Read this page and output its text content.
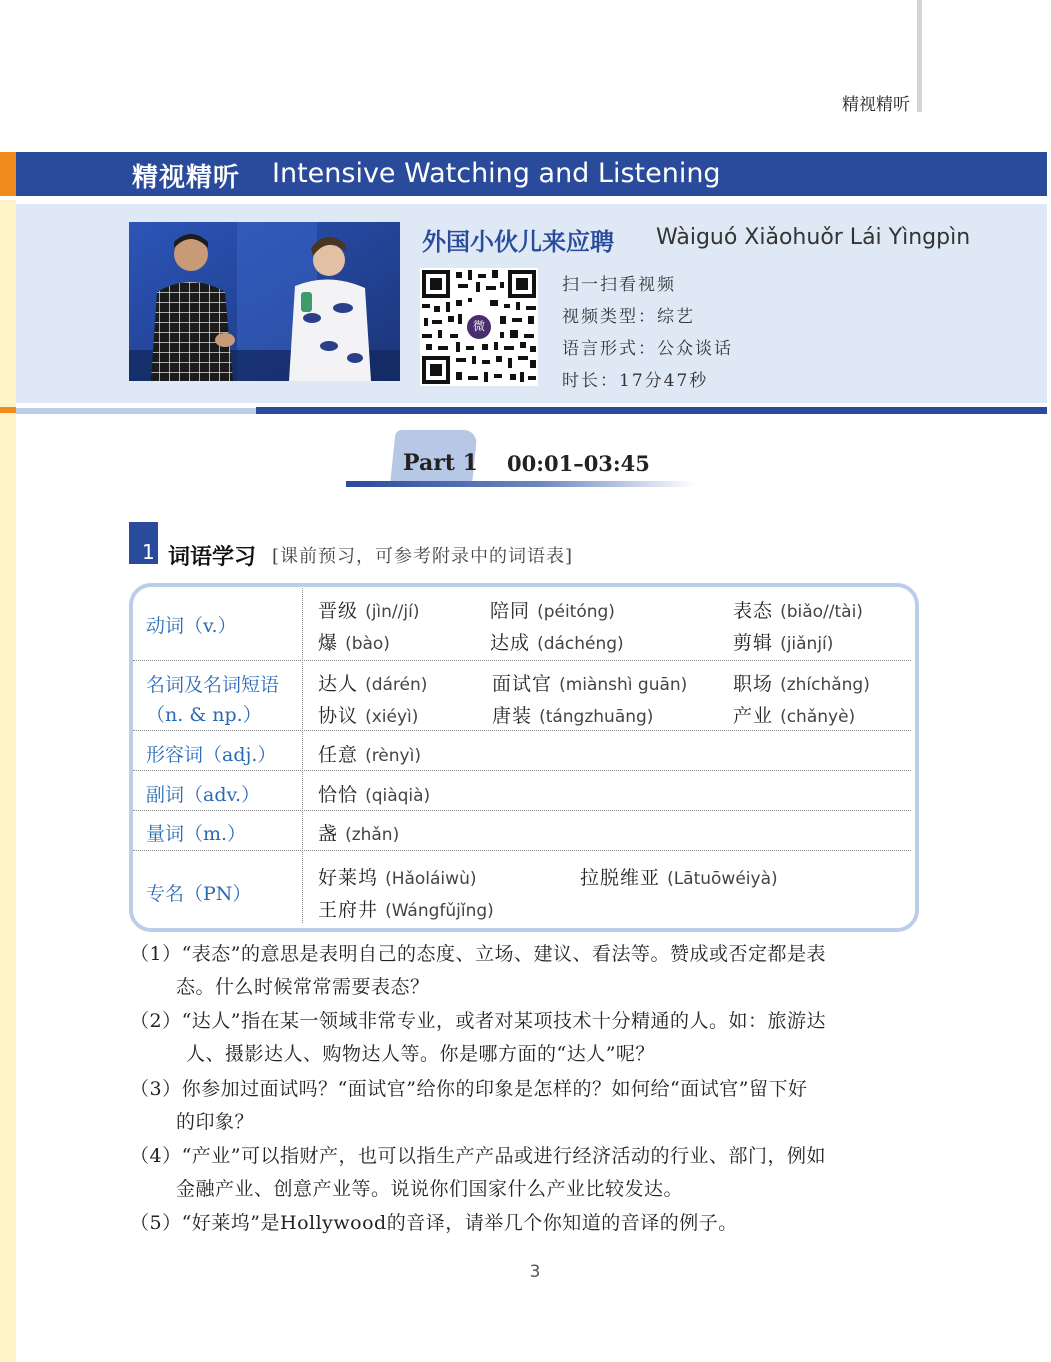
精视精听
精视精听 Intensive Watching and Listening
外国小伙儿来应聘 Wàiguó Xiǎohuǒr Lái Yìngpìn
微
扫一扫看视频
视频类型：综艺
语言形式：公众谈话
时长：17分47秒
Part 1 00:01–03:45
1 词语学习 [课前预习，可参考附录中的词语表]
动词（v.）
晋级 (jìn//jí)	陪同 (péitóng)	表态 (biǎo//tài)
爆 (bào)	达成 (dáchéng)	剪辑 (jiǎnjí)
名词及名词短语
（n. & np.）
达人 (dárén)	面试官 (miànshì guān) 职场 (zhíchǎng)
协议 (xiéyì)	唐装 (tángzhuāng)	产业 (chǎnyè)
形容词（adj.） 任意 (rènyì)
副词（adv.）	恰恰 (qiàqià)
量词（m.）	盏 (zhǎn)
专名（PN）
好莱坞 (Hǎoláiwù)	拉脱维亚 (Lātuōwéiyà)
王府井 (Wángfǔjǐng)
（1）“表态”的意思是表明自己的态度、立场、建议、看法等。赞成或否定都是表
态。什么时候常常需要表态？
（2）“达人”指在某一领域非常专业，或者对某项技术十分精通的人。如：旅游达
人、摄影达人、购物达人等。你是哪方面的“达人”呢？
（3）你参加过面试吗？“面试官”给你的印象是怎样的？如何给“面试官”留下好
的印象？
（4）“产业”可以指财产，也可以指生产产品或进行经济活动的行业、部门，例如
金融产业、创意产业等。说说你们国家什么产业比较发达。
（5）“好莱坞”是Hollywood的音译，请举几个你知道的音译的例子。
3
